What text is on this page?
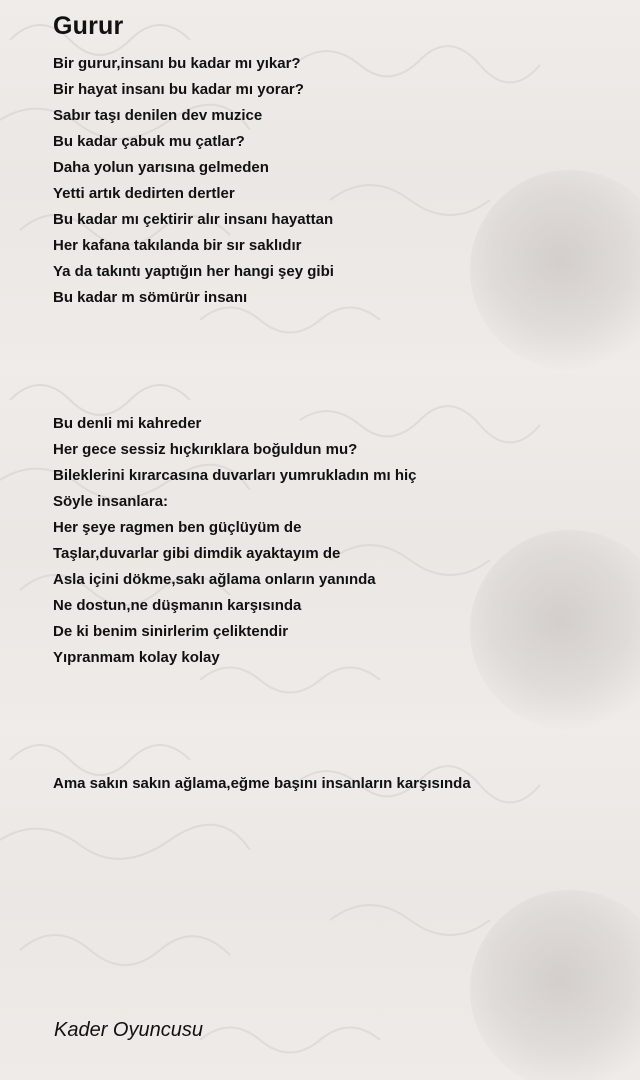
Gurur
Bir gurur,insanı bu kadar mı yıkar?
Bir hayat insanı bu kadar mı yorar?
Sabır taşı denilen dev muzice
Bu kadar çabuk mu çatlar?
Daha yolun yarısına gelmeden
Yetti artık dedirten dertler
Bu kadar mı çektirir alır insanı hayattan
Her kafana takılanda bir sır saklıdır
Ya da takıntı yaptığın her hangi şey gibi
Bu kadar m sömürür insanı
Bu denli mi kahreder
Her gece sessiz hıçkırıklara boğuldun mu?
Bileklerini kırarcasına duvarları yumrukladın mı hiç
Söyle insanlara:
Her şeye ragmen ben güçlüyüm de
Taşlar,duvarlar gibi dimdik ayaktayım de
Asla içini dökme,sakı ağlama onların yanında
Ne dostun,ne düşmanın karşısında
De ki benim sinirlerim çeliktendir
Yıpranmam kolay kolay
Ama sakın sakın ağlama,eğme başını insanların karşısında

Kader Oyuncusu
